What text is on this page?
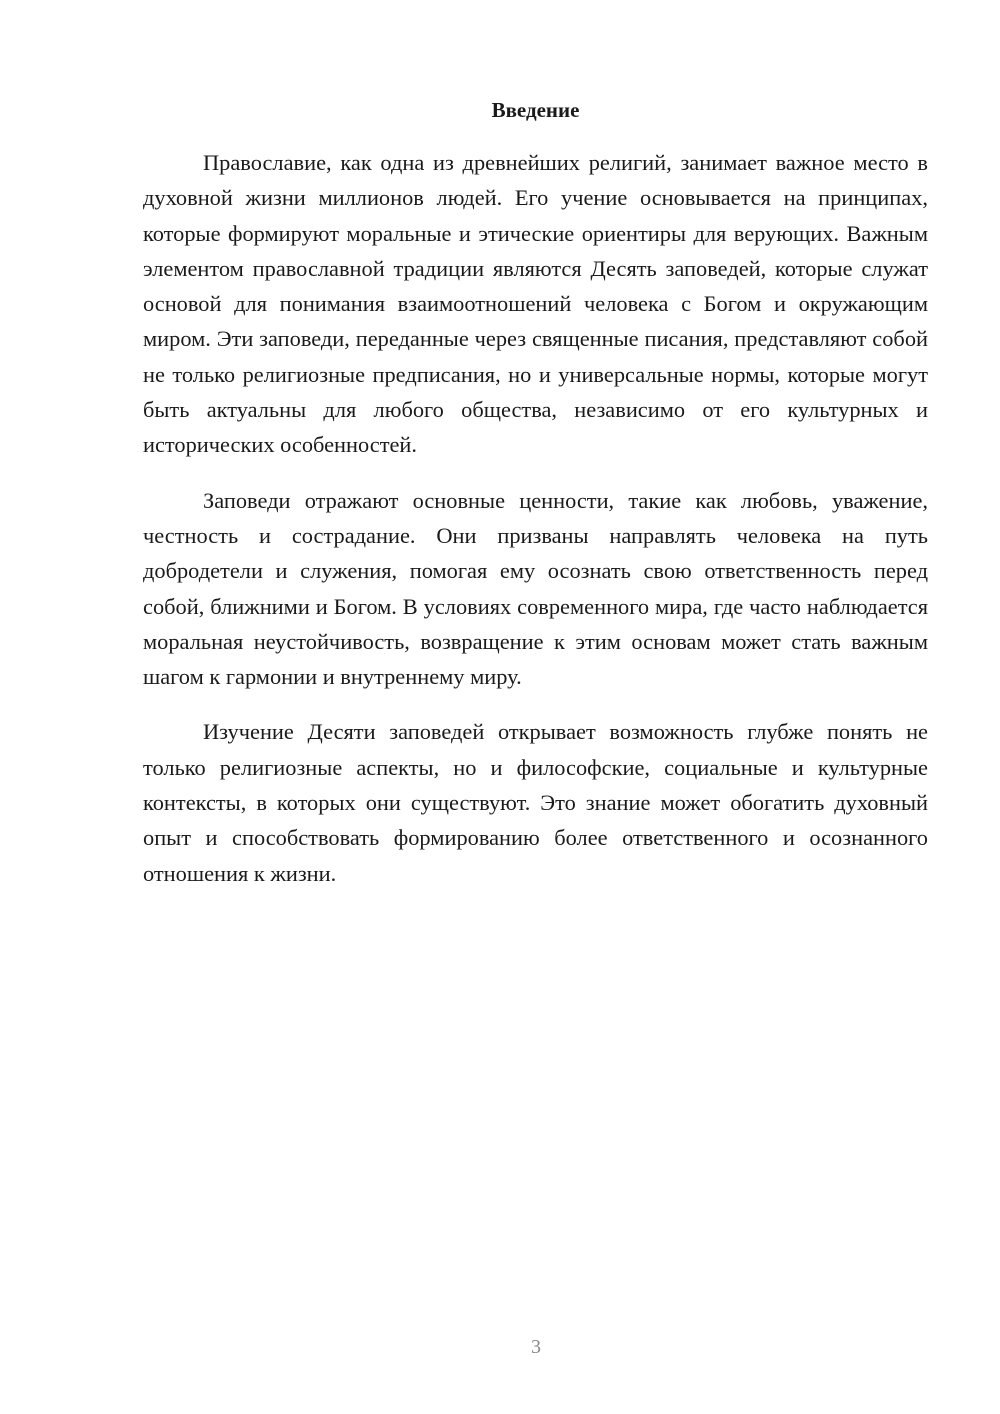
Введение

Православие, как одна из древнейших религий, занимает важное место в духовной жизни миллионов людей. Его учение основывается на принципах, которые формируют моральные и этические ориентиры для верующих. Важным элементом православной традиции являются Десять заповедей, которые служат основой для понимания взаимоотношений человека с Богом и окружающим миром. Эти заповеди, переданные через священные писания, представляют собой не только религиозные предписания, но и универсальные нормы, которые могут быть актуальны для любого общества, независимо от его культурных и исторических особенностей.

Заповеди отражают основные ценности, такие как любовь, уважение, честность и сострадание. Они призваны направлять человека на путь добродетели и служения, помогая ему осознать свою ответственность перед собой, ближними и Богом. В условиях современного мира, где часто наблюдается моральная неустойчивость, возвращение к этим основам может стать важным шагом к гармонии и внутреннему миру.

Изучение Десяти заповедей открывает возможность глубже понять не только религиозные аспекты, но и философские, социальные и культурные контексты, в которых они существуют. Это знание может обогатить духовный опыт и способствовать формированию более ответственного и осознанного отношения к жизни.

3
